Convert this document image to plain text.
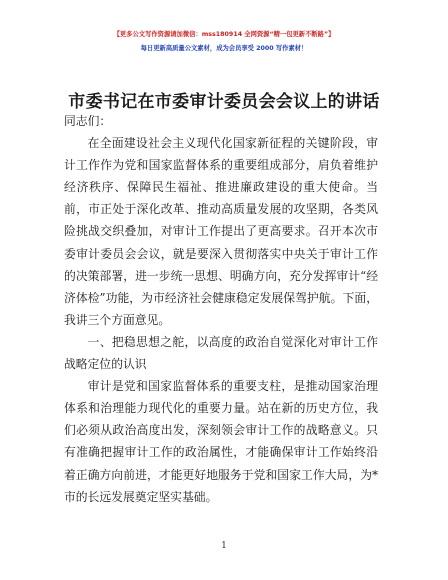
【更多公文写作资源请加微信：mss180914 全网资源“精一包更新不断路”】
每日更新高质量公文素材，成为会员享受 2000 写作素材！
市委书记在市委审计委员会会议上的讲话

同志们：

在全面建设社会主义现代化国家新征程的关键阶段，审计工作作为党和国家监督体系的重要组成部分，肩负着维护经济秩序、保障民生福祉、推进廉政建设的重大使命。当前，市正处于深化改革、推动高质量发展的攻坚期，各类风险挑战交织叠加，对审计工作提出了更高要求。召开本次市委审计委员会会议，就是要深入贯彻落实中央关于审计工作的决策部署，进一步统一思想、明确方向，充分发挥审计“经济体检”功能，为市经济社会健康稳定发展保驾护航。下面，我讲三个方面意见。

一、把稳思想之舵，以高度的政治自觉深化对审计工作战略定位的认识

审计是党和国家监督体系的重要支柱，是推动国家治理体系和治理能力现代化的重要力量。站在新的历史方位，我们必须从政治高度出发，深刻领会审计工作的战略意义。只有准确把握审计工作的政治属性，才能确保审计工作始终沿着正确方向前进，才能更好地服务于党和国家工作大局，为*市的长远发展奠定坚实基础。

1
